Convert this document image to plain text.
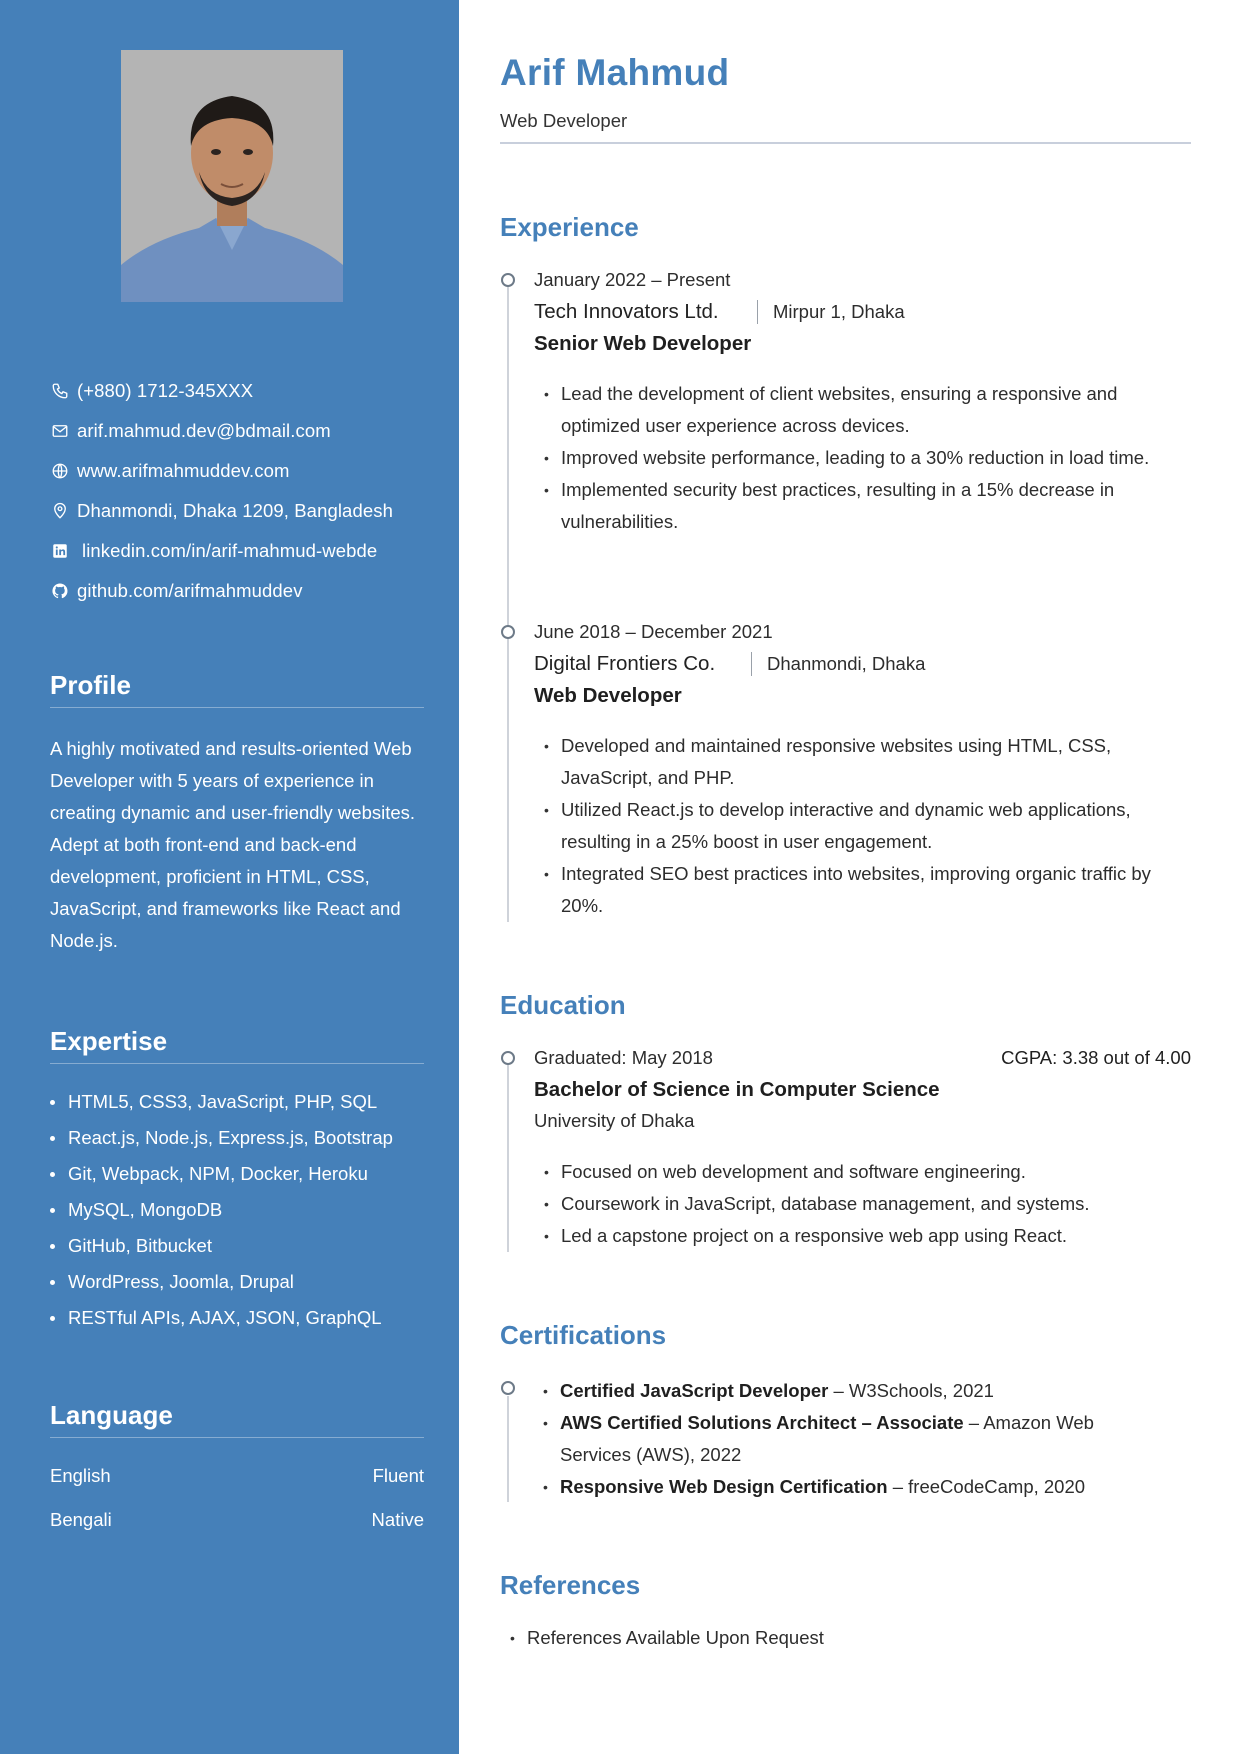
(+880) 1712-345XXX
arif.mahmud.dev@bdmail.com
www.arifmahmuddev.com
Dhanmondi, Dhaka 1209, Bangladesh
linkedin.com/in/arif-mahmud-webde
github.com/arifmahmuddev
Profile
A highly motivated and results-oriented Web Developer with 5 years of experience in creating dynamic and user-friendly websites. Adept at both front-end and back-end development, proficient in HTML, CSS, JavaScript, and frameworks like React and Node.js.
Expertise
HTML5, CSS3, JavaScript, PHP, SQL
React.js, Node.js, Express.js, Bootstrap
Git, Webpack, NPM, Docker, Heroku
MySQL, MongoDB
GitHub, Bitbucket
WordPress, Joomla, Drupal
RESTful APIs, AJAX, JSON, GraphQL
Language
English	Fluent
Bengali	Native
Arif Mahmud
Web Developer
Experience
January 2022 – Present
Tech Innovators Ltd.	Mirpur 1, Dhaka
Senior Web Developer
• Lead the development of client websites, ensuring a responsive and optimized user experience across devices.
• Improved website performance, leading to a 30% reduction in load time.
• Implemented security best practices, resulting in a 15% decrease in vulnerabilities.
June 2018 – December 2021
Digital Frontiers Co.	Dhanmondi, Dhaka
Web Developer
• Developed and maintained responsive websites using HTML, CSS, JavaScript, and PHP.
• Utilized React.js to develop interactive and dynamic web applications, resulting in a 25% boost in user engagement.
• Integrated SEO best practices into websites, improving organic traffic by 20%.
Education
Graduated: May 2018	CGPA: 3.38 out of 4.00
Bachelor of Science in Computer Science
University of Dhaka
• Focused on web development and software engineering.
• Coursework in JavaScript, database management, and systems.
• Led a capstone project on a responsive web app using React.
Certifications
• Certified JavaScript Developer – W3Schools, 2021
• AWS Certified Solutions Architect – Associate – Amazon Web Services (AWS), 2022
• Responsive Web Design Certification – freeCodeCamp, 2020
References
• References Available Upon Request
